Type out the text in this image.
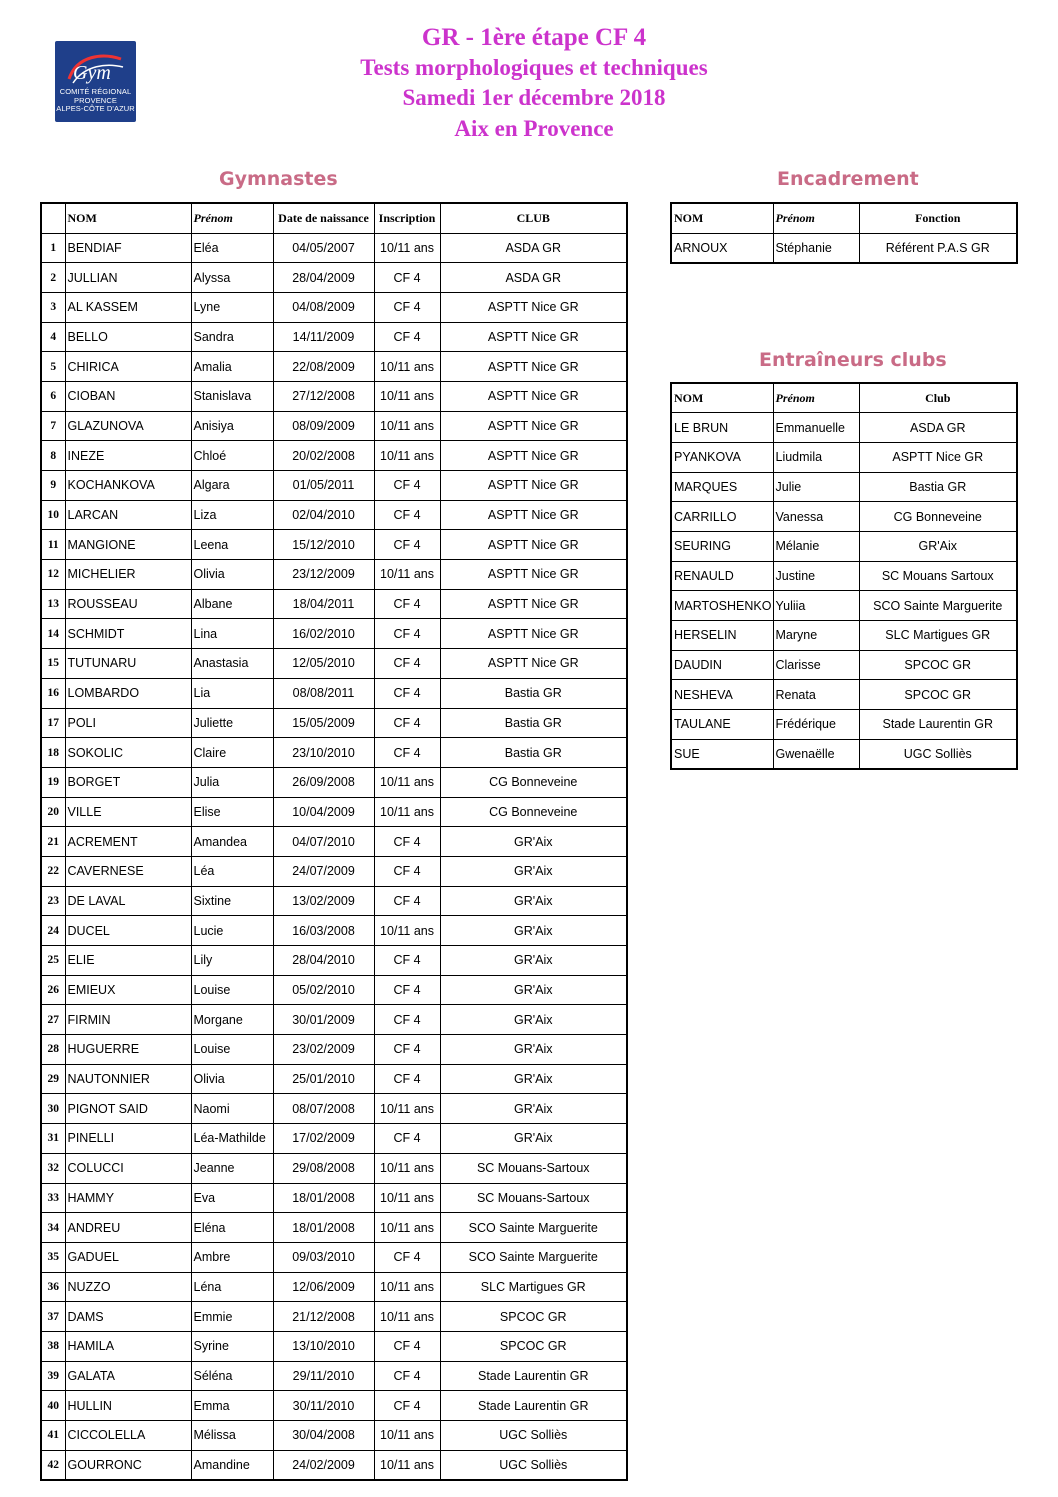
Gym
COMITÉ RÉGIONAL
PROVENCE
ALPES-CÔTE D'AZUR
GR - 1ère étape CF 4
Tests morphologiques et techniques
Samedi 1er décembre 2018
Aix en Provence
Gymnastes	Encadrement
Entraîneurs clubs
	NOM	Prénom	Date de naissance	Inscription	CLUB
1	BENDIAF	Eléa	04/05/2007	10/11 ans	ASDA GR
2	JULLIAN	Alyssa	28/04/2009	CF 4	ASDA GR
3	AL KASSEM	Lyne	04/08/2009	CF 4	ASPTT Nice GR
4	BELLO	Sandra	14/11/2009	CF 4	ASPTT Nice GR
5	CHIRICA	Amalia	22/08/2009	10/11 ans	ASPTT Nice GR
6	CIOBAN	Stanislava	27/12/2008	10/11 ans	ASPTT Nice GR
7	GLAZUNOVA	Anisiya	08/09/2009	10/11 ans	ASPTT Nice GR
8	INEZE	Chloé	20/02/2008	10/11 ans	ASPTT Nice GR
9	KOCHANKOVA	Algara	01/05/2011	CF 4	ASPTT Nice GR
10	LARCAN	Liza	02/04/2010	CF 4	ASPTT Nice GR
11	MANGIONE	Leena	15/12/2010	CF 4	ASPTT Nice GR
12	MICHELIER	Olivia	23/12/2009	10/11 ans	ASPTT Nice GR
13	ROUSSEAU	Albane	18/04/2011	CF 4	ASPTT Nice GR
14	SCHMIDT	Lina	16/02/2010	CF 4	ASPTT Nice GR
15	TUTUNARU	Anastasia	12/05/2010	CF 4	ASPTT Nice GR
16	LOMBARDO	Lia	08/08/2011	CF 4	Bastia GR
17	POLI	Juliette	15/05/2009	CF 4	Bastia GR
18	SOKOLIC	Claire	23/10/2010	CF 4	Bastia GR
19	BORGET	Julia	26/09/2008	10/11 ans	CG Bonneveine
20	VILLE	Elise	10/04/2009	10/11 ans	CG Bonneveine
21	ACREMENT	Amandea	04/07/2010	CF 4	GR'Aix
22	CAVERNESE	Léa	24/07/2009	CF 4	GR'Aix
23	DE LAVAL	Sixtine	13/02/2009	CF 4	GR'Aix
24	DUCEL	Lucie	16/03/2008	10/11 ans	GR'Aix
25	ELIE	Lily	28/04/2010	CF 4	GR'Aix
26	EMIEUX	Louise	05/02/2010	CF 4	GR'Aix
27	FIRMIN	Morgane	30/01/2009	CF 4	GR'Aix
28	HUGUERRE	Louise	23/02/2009	CF 4	GR'Aix
29	NAUTONNIER	Olivia	25/01/2010	CF 4	GR'Aix
30	PIGNOT SAID	Naomi	08/07/2008	10/11 ans	GR'Aix
31	PINELLI	Léa-Mathilde	17/02/2009	CF 4	GR'Aix
32	COLUCCI	Jeanne	29/08/2008	10/11 ans	SC Mouans-Sartoux
33	HAMMY	Eva	18/01/2008	10/11 ans	SC Mouans-Sartoux
34	ANDREU	Eléna	18/01/2008	10/11 ans	SCO Sainte Marguerite
35	GADUEL	Ambre	09/03/2010	CF 4	SCO Sainte Marguerite
36	NUZZO	Léna	12/06/2009	10/11 ans	SLC Martigues GR
37	DAMS	Emmie	21/12/2008	10/11 ans	SPCOC GR
38	HAMILA	Syrine	13/10/2010	CF 4	SPCOC GR
39	GALATA	Séléna	29/11/2010	CF 4	Stade Laurentin GR
40	HULLIN	Emma	30/11/2010	CF 4	Stade Laurentin GR
41	CICCOLELLA	Mélissa	30/04/2008	10/11 ans	UGC Solliès
42	GOURRONC	Amandine	24/02/2009	10/11 ans	UGC Solliès
NOM	Prénom	Fonction
ARNOUX	Stéphanie	Référent P.A.S GR
NOM	Prénom	Club
LE BRUN	Emmanuelle	ASDA GR
PYANKOVA	Liudmila	ASPTT Nice GR
MARQUES	Julie	Bastia GR
CARRILLO	Vanessa	CG Bonneveine
SEURING	Mélanie	GR'Aix
RENAULD	Justine	SC Mouans Sartoux
MARTOSHENKO	Yuliia	SCO Sainte Marguerite
HERSELIN	Maryne	SLC Martigues GR
DAUDIN	Clarisse	SPCOC GR
NESHEVA	Renata	SPCOC GR
TAULANE	Frédérique	Stade Laurentin GR
SUE	Gwenaëlle	UGC Solliès
